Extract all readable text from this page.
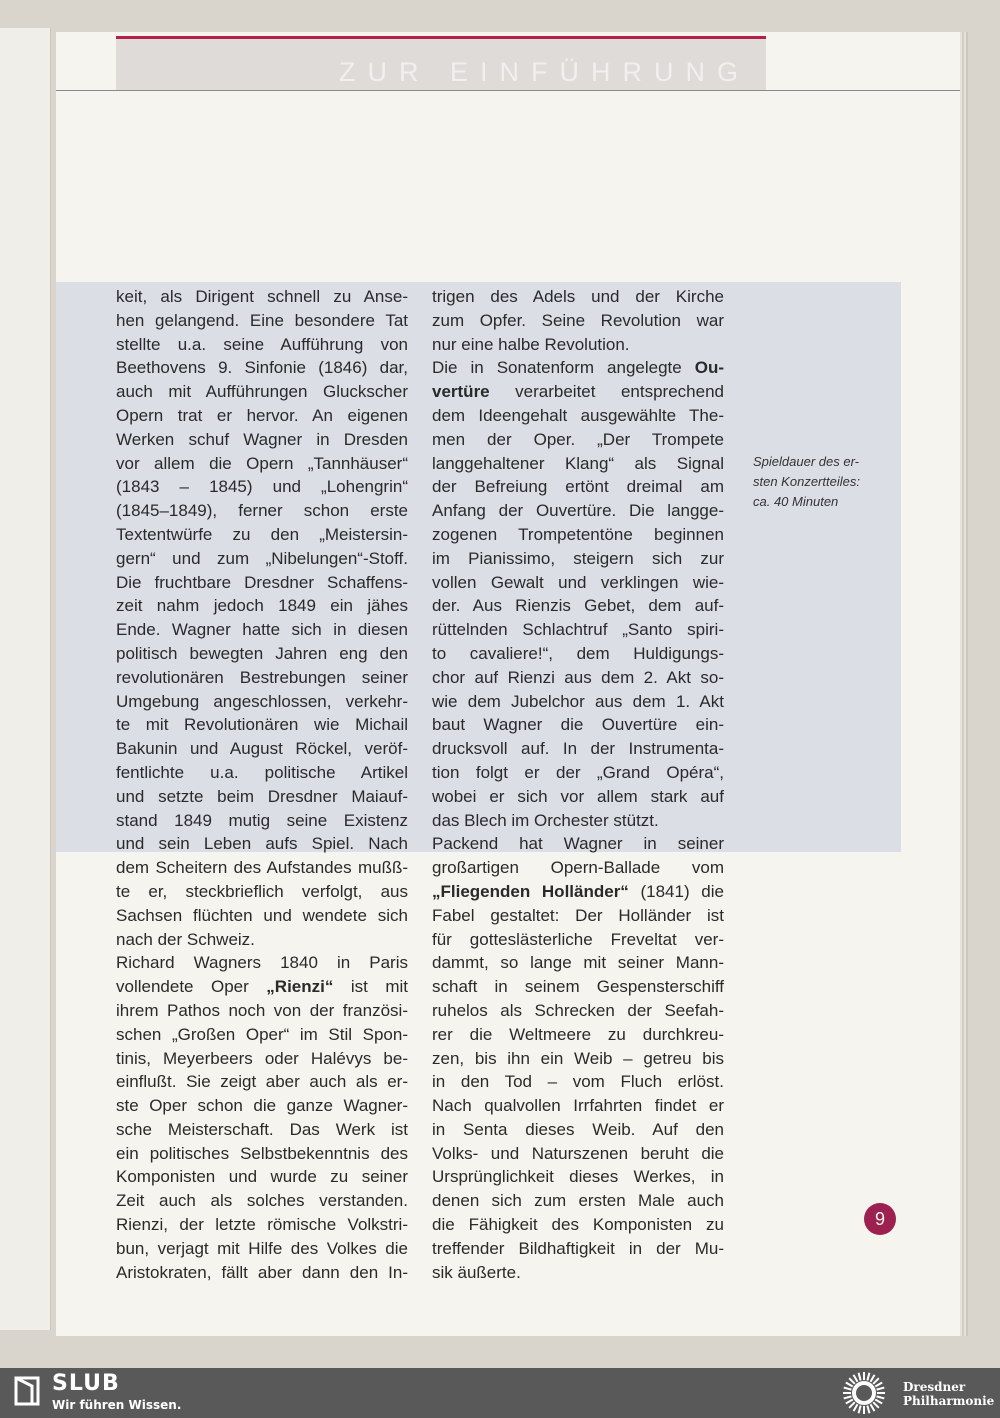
ZUR EINFÜHRUNG
keit, als Dirigent schnell zu Anse-
hen gelangend. Eine besondere Tat
stellte u.a. seine Aufführung von
Beethovens 9. Sinfonie (1846) dar,
auch mit Aufführungen Gluckscher
Opern trat er hervor. An eigenen
Werken schuf Wagner in Dresden
vor allem die Opern „Tannhäuser“
(1843 – 1845) und „Lohengrin“
(1845–1849), ferner schon erste
Textentwürfe zu den „Meistersin-
gern“ und zum „Nibelungen“-Stoff.
Die fruchtbare Dresdner Schaffens-
zeit nahm jedoch 1849 ein jähes
Ende. Wagner hatte sich in diesen
politisch bewegten Jahren eng den
revolutionären Bestrebungen seiner
Umgebung angeschlossen, verkehr-
te mit Revolutionären wie Michail
Bakunin und August Röckel, veröf-
fentlichte u.a. politische Artikel
und setzte beim Dresdner Maiauf-
stand 1849 mutig seine Existenz
und sein Leben aufs Spiel. Nach
dem Scheitern des Aufstandes mußß-
te er, steckbrieflich verfolgt, aus
Sachsen flüchten und wendete sich
nach der Schweiz.
Richard Wagners 1840 in Paris
vollendete Oper „Rienzi“ ist mit
ihrem Pathos noch von der französi-
schen „Großen Oper“ im Stil Spon-
tinis, Meyerbeers oder Halévys be-
einflußt. Sie zeigt aber auch als er-
ste Oper schon die ganze Wagner-
sche Meisterschaft. Das Werk ist
ein politisches Selbstbekenntnis des
Komponisten und wurde zu seiner
Zeit auch als solches verstanden.
Rienzi, der letzte römische Volkstri-
bun, verjagt mit Hilfe des Volkes die
Aristokraten, fällt aber dann den In-
trigen des Adels und der Kirche
zum Opfer. Seine Revolution war
nur eine halbe Revolution.
Die in Sonatenform angelegte Ou-
vertüre verarbeitet entsprechend
dem Ideengehalt ausgewählte The-
men der Oper. „Der Trompete
langgehaltener Klang“ als Signal
der Befreiung ertönt dreimal am
Anfang der Ouvertüre. Die langge-
zogenen Trompetentöne beginnen
im Pianissimo, steigern sich zur
vollen Gewalt und verklingen wie-
der. Aus Rienzis Gebet, dem auf-
rüttelnden Schlachtruf „Santo spiri-
to cavaliere!“, dem Huldigungs-
chor auf Rienzi aus dem 2. Akt so-
wie dem Jubelchor aus dem 1. Akt
baut Wagner die Ouvertüre ein-
drucksvoll auf. In der Instrumenta-
tion folgt er der „Grand Opéra“,
wobei er sich vor allem stark auf
das Blech im Orchester stützt.
Packend hat Wagner in seiner
großartigen Opern-Ballade vom
„Fliegenden Holländer“ (1841) die
Fabel gestaltet: Der Holländer ist
für gotteslästerliche Freveltat ver-
dammt, so lange mit seiner Mann-
schaft in seinem Gespensterschiff
ruhelos als Schrecken der Seefah-
rer die Weltmeere zu durchkreu-
zen, bis ihn ein Weib – getreu bis
in den Tod – vom Fluch erlöst.
Nach qualvollen Irrfahrten findet er
in Senta dieses Weib. Auf den
Volks- und Naturszenen beruht die
Ursprünglichkeit dieses Werkes, in
denen sich zum ersten Male auch
die Fähigkeit des Komponisten zu
treffender Bildhaftigkeit in der Mu-
sik äußerte.
Spieldauer des er-
sten Konzertteiles:
ca. 40 Minuten
9
SLUB
Wir führen Wissen.
Dresdner
Philharmonie
